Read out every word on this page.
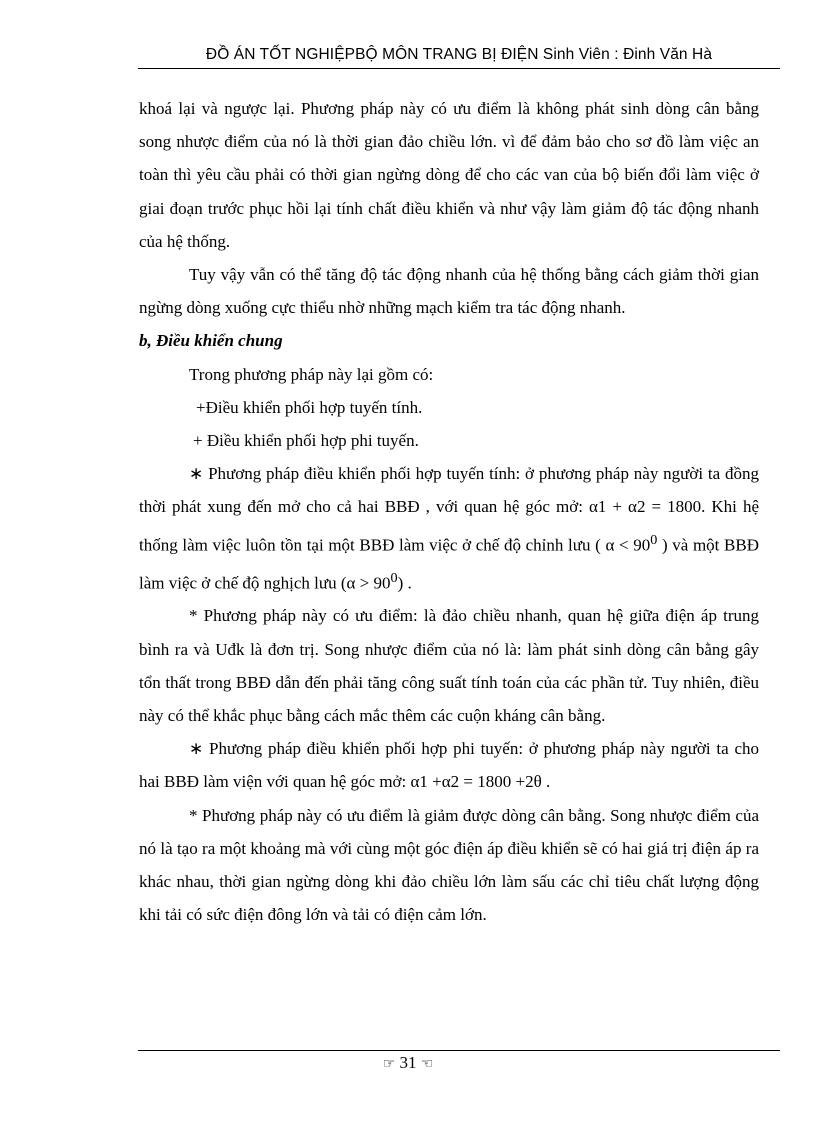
ĐỒ ÁN TỐT NGHIỆPBỘ MÔN TRANG BỊ ĐIỆN Sinh Viên : Đinh Văn Hà

khoá lại và ngược lại. Phương pháp này có ưu điểm là không phát sinh dòng cân bằng song nhược điểm của nó là thời gian đảo chiều lớn. vì để đảm bảo cho sơ đồ làm việc an toàn thì yêu cầu phải có thời gian ngừng dòng để cho các van của bộ biến đổi làm việc ở giai đoạn trước phục hồi lại tính chất điều khiển và như vậy làm giảm độ tác động nhanh của hệ thống.

Tuy vậy vẫn có thể tăng độ tác động nhanh của hệ thống bằng cách giảm thời gian ngừng dòng xuống cực thiểu nhờ những mạch kiểm tra tác động nhanh.

b, Điều khiển chung

Trong phương pháp này lại gồm có:

+Điều khiển phối hợp tuyến tính.

+ Điều khiển phối hợp phi tuyến.

∗ Phương pháp điều khiển phối hợp tuyến tính: ở phương pháp này người ta đồng thời phát xung đến mở cho cả hai BBĐ , với quan hệ góc mở: α1 + α2 = 1800. Khi hệ thống làm việc luôn tồn tại một BBĐ làm việc ở chế độ chỉnh lưu ( $\alpha < 90^0$ ) và một BBĐ làm việc ở chế độ nghịch lưu $(\alpha > 90^0)$ .

* Phương pháp này có ưu điểm: là đảo chiều nhanh, quan hệ giữa điện áp trung bình ra và Uđk là đơn trị. Song nhược điểm của nó là: làm phát sinh dòng cân bằng gây tổn thất trong BBĐ dẫn đến phải tăng công suất tính toán của các phần tử. Tuy nhiên, điều này có thể khắc phục bằng cách mắc thêm các cuộn kháng cân bằng.

∗ Phương pháp điều khiển phối hợp phi tuyến: ở phương pháp này người ta cho hai BBĐ làm viện với quan hệ góc mở: α1 +α2 = 1800 +2θ .

* Phương pháp này có ưu điểm là giảm được dòng cân bằng. Song nhược điểm của nó là tạo ra một khoảng mà với cùng một góc điện áp điều khiển sẽ có hai giá trị điện áp ra khác nhau, thời gian ngừng dòng khi đảo chiều lớn làm sấu các chỉ tiêu chất lượng động khi tải có sức điện đông lớn và tải có điện cảm lớn.

☞ 31 ☜
